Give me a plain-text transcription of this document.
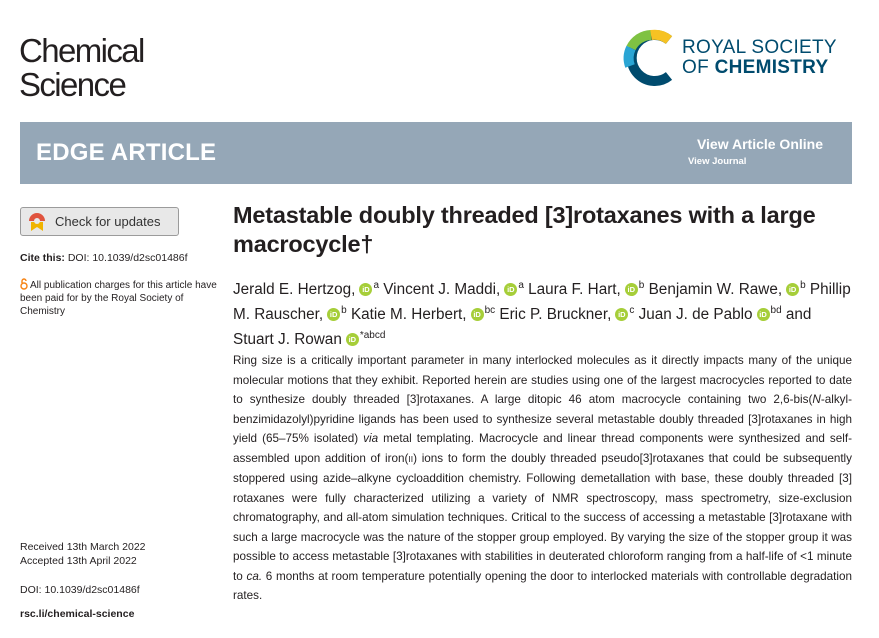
Chemical
Science
ROYAL SOCIETY
OF CHEMISTRY
EDGE ARTICLE	View Article Online
View Journal
Check for updates
Cite this: DOI: 10.1039/d2sc01486f
All publication charges for this article have been paid for by the Royal Society of Chemistry
Received 13th March 2022
Accepted 13th April 2022
DOI: 10.1039/d2sc01486f
rsc.li/chemical-science
Metastable doubly threaded [3]rotaxanes with a large macrocycle†
Jerald E. Hertzog, iD $^a$ Vincent J. Maddi, iD $^a$ Laura F. Hart, iD $^b$ Benjamin W. Rawe, iD $^b$ Phillip M. Rauscher, iD $^b$ Katie M. Herbert, iD $^{bc}$ Eric P. Bruckner, iD $^c$ Juan J. de Pablo iD $^{bd}$ and Stuart J. Rowan iD $^{*abcd}$
Ring size is a critically important parameter in many interlocked molecules as it directly impacts many of the unique molecular motions that they exhibit. Reported herein are studies using one of the largest macrocycles reported to date to synthesize doubly threaded [3]rotaxanes. A large ditopic 46 atom macrocycle containing two 2,6-bis(N-alkyl-benzimidazolyl)pyridine ligands has been used to synthesize several metastable doubly threaded [3]rotaxanes in high yield (65–75% isolated) via metal templating. Macrocycle and linear thread components were synthesized and self-assembled upon addition of iron(II) ions to form the doubly threaded pseudo[3]rotaxanes that could be subsequently stoppered using azide–alkyne cycloaddition chemistry. Following demetallation with base, these doubly threaded [3] rotaxanes were fully characterized utilizing a variety of NMR spectroscopy, mass spectrometry, size-exclusion chromatography, and all-atom simulation techniques. Critical to the success of accessing a metastable [3]rotaxane with such a large macrocycle was the nature of the stopper group employed. By varying the size of the stopper group it was possible to access metastable [3]rotaxanes with stabilities in deuterated chloroform ranging from a half-life of <1 minute to ca. 6 months at room temperature potentially opening the door to interlocked materials with controllable degradation rates.
